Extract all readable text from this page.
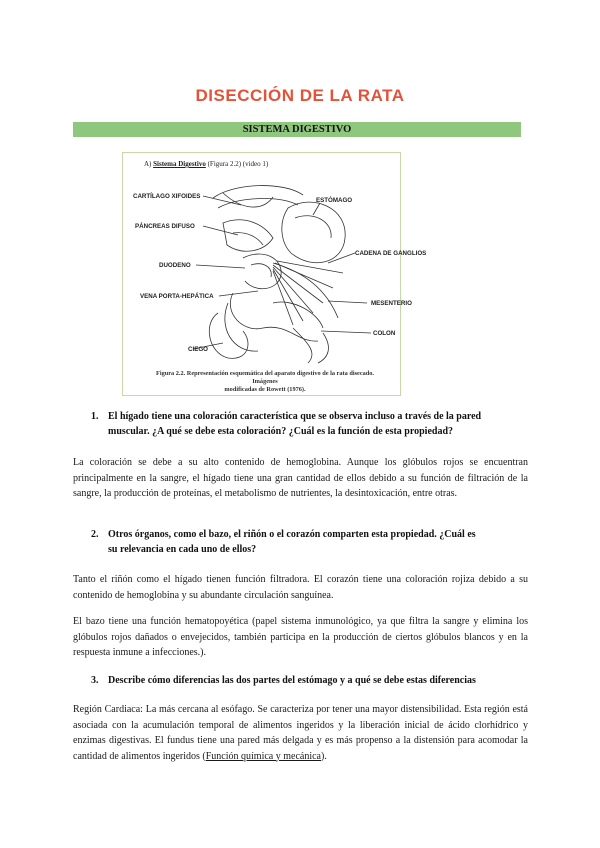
DISECCIÓN DE LA RATA
SISTEMA DIGESTIVO
A) Sistema Digestivo (Figura 2.2) (video 1)
CARTÍLAGO XIFOIDES
PÁNCREAS DIFUSO
DUODENO
VENA PORTA-HEPÁTICA
CIEGO
ESTÓMAGO
CADENA DE GANGLIOS
MESENTERIO
COLON
Figura 2.2. Representación esquemática del aparato digestivo de la rata disecado. Imágenes
modificadas de Rowett (1976).
1. El hígado tiene una coloración característica que se observa incluso a través de la pared
muscular. ¿A qué se debe esta coloración? ¿Cuál es la función de esta propiedad?

La coloración se debe a su alto contenido de hemoglobina. Aunque los glóbulos rojos se encuentran principalmente en la sangre, el hígado tiene una gran cantidad de ellos debido a su función de filtración de la sangre, la producción de proteínas, el metabolismo de nutrientes, la desintoxicación, entre otras.

2. Otros órganos, como el bazo, el riñón o el corazón comparten esta propiedad. ¿Cuál es
su relevancia en cada uno de ellos?

Tanto el riñón como el hígado tienen función filtradora. El corazón tiene una coloración rojiza debido a su contenido de hemoglobina y su abundante circulación sanguínea.

El bazo tiene una función hematopoyética (papel sistema inmunológico, ya que filtra la sangre y elimina los glóbulos rojos dañados o envejecidos, también participa en la producción de ciertos glóbulos blancos y en la respuesta inmune a infecciones.).

3. Describe cómo diferencias las dos partes del estómago y a qué se debe estas diferencias

Región Cardiaca: La más cercana al esófago. Se caracteriza por tener una mayor distensibilidad. Esta región está asociada con la acumulación temporal de alimentos ingeridos y la liberación inicial de ácido clorhídrico y enzimas digestivas. El fundus tiene una pared más delgada y es más propenso a la distensión para acomodar la cantidad de alimentos ingeridos (Función química y mecánica).
